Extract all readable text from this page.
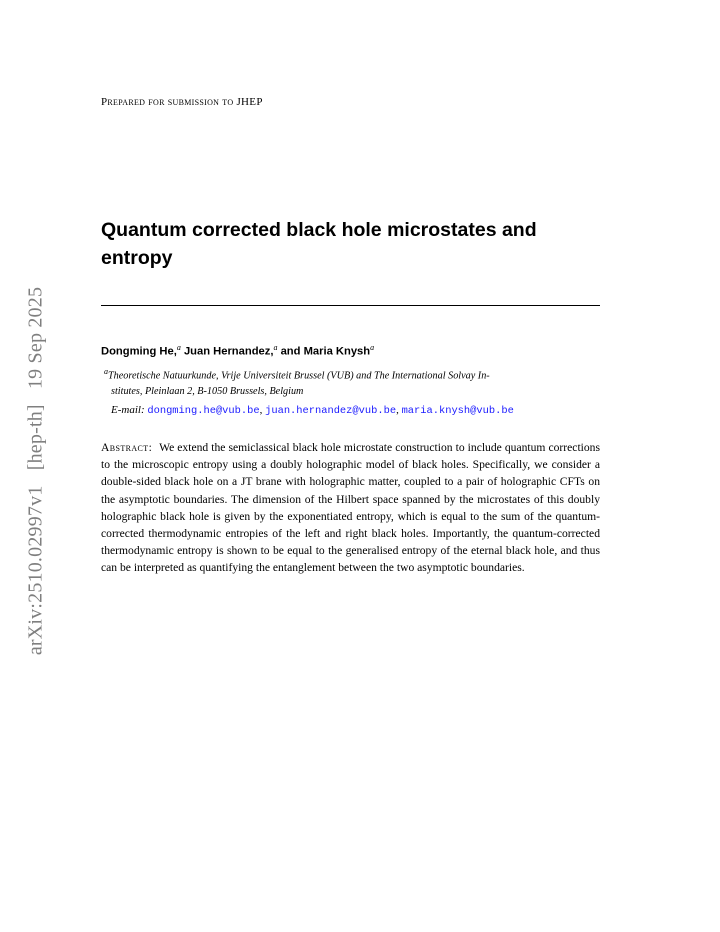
arXiv:2510.02997v1 [hep-th] 19 Sep 2025
Prepared for submission to JHEP
Quantum corrected black hole microstates and entropy
Dongming He,$^a$ Juan Hernandez,$^a$ and Maria Knysh$^a$
$^a$Theoretische Natuurkunde, Vrije Universiteit Brussel (VUB) and The International Solvay In-
stitutes, Pleinlaan 2, B-1050 Brussels, Belgium
E-mail: dongming.he@vub.be, juan.hernandez@vub.be, maria.knysh@vub.be

Abstract: We extend the semiclassical black hole microstate construction to include quantum corrections to the microscopic entropy using a doubly holographic model of black holes. Specifically, we consider a double-sided black hole on a JT brane with holographic matter, coupled to a pair of holographic CFTs on the asymptotic boundaries. The dimension of the Hilbert space spanned by the microstates of this doubly holographic black hole is given by the exponentiated entropy, which is equal to the sum of the quantum-corrected thermodynamic entropies of the left and right black holes. Importantly, the quantum-corrected thermodynamic entropy is shown to be equal to the generalised entropy of the eternal black hole, and thus can be interpreted as quantifying the entanglement between the two asymptotic boundaries.
